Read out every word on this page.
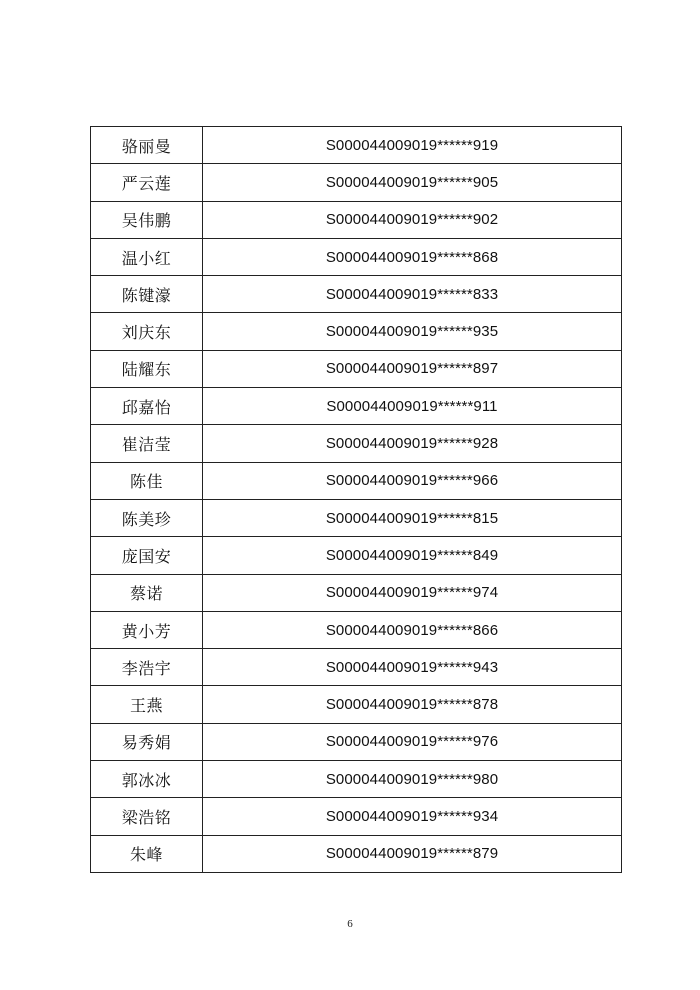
骆丽曼	S000044009019******919
严云莲	S000044009019******905
吴伟鹏	S000044009019******902
温小红	S000044009019******868
陈键濠	S000044009019******833
刘庆东	S000044009019******935
陆耀东	S000044009019******897
邱嘉怡	S000044009019******911
崔洁莹	S000044009019******928
陈佳	S000044009019******966
陈美珍	S000044009019******815
庞国安	S000044009019******849
蔡诺	S000044009019******974
黄小芳	S000044009019******866
李浩宇	S000044009019******943
王燕	S000044009019******878
易秀娟	S000044009019******976
郭冰冰	S000044009019******980
梁浩铭	S000044009019******934
朱峰	S000044009019******879
6
